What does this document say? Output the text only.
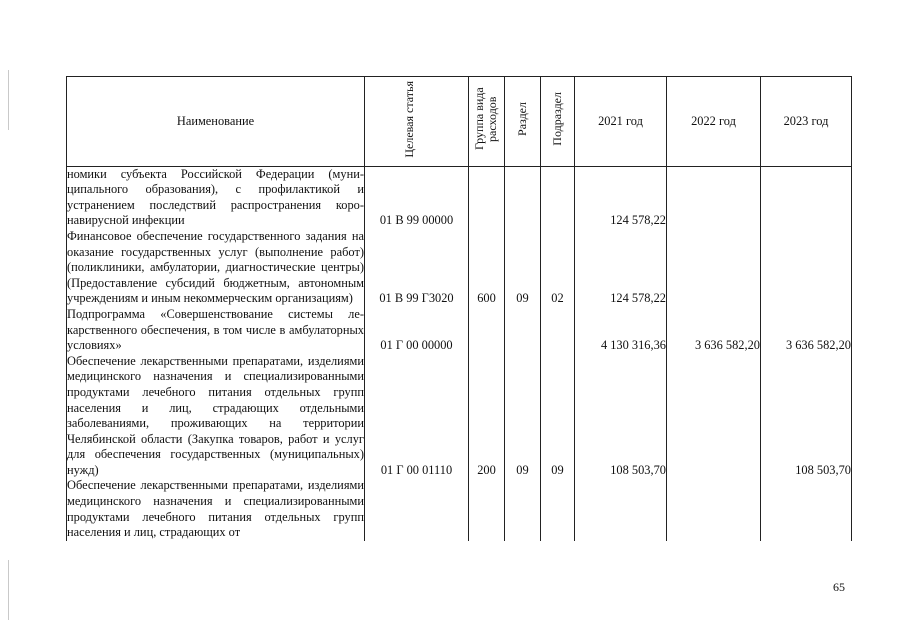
Наименование	Целевая статья	Группа вида расходов	Раздел	Подраздел	2021 год	2022 год	2023 год
номики субъекта Российской Федерации (муниципального образования), с профилактикой и устранением последствий распространения коронавирусной инфекции	01 В 99 00000				124 578,22		
Финансовое обеспечение государственного задания на оказание государственных услуг (выполнение работ) (поликлиники, амбулатории, диагностические центры) (Предоставление субсидий бюджетным, автономным учреждениям и иным некоммерческим организациям)	01 В 99 Г3020	600	09	02	124 578,22		
Подпрограмма «Совершенствование системы лекарственного обеспечения, в том числе в амбулаторных условиях»	01 Г 00 00000				4 130 316,36	3 636 582,20	3 636 582,20
Обеспечение лекарственными препаратами, изделиями медицинского назначения и специализированными продуктами лечебного питания отдельных групп населения и лиц, страдающих отдельными заболеваниями, проживающих на территории Челябинской области (Закупка товаров, работ и услуг для обеспечения государственных (муниципальных) нужд)	01 Г 00 01110	200	09	09	108 503,70		108 503,70
Обеспечение лекарственными препаратами, изделиями медицинского назначения и специализированными продуктами лечебного питания отдельных групп населения и лиц, страдающих от							
65
